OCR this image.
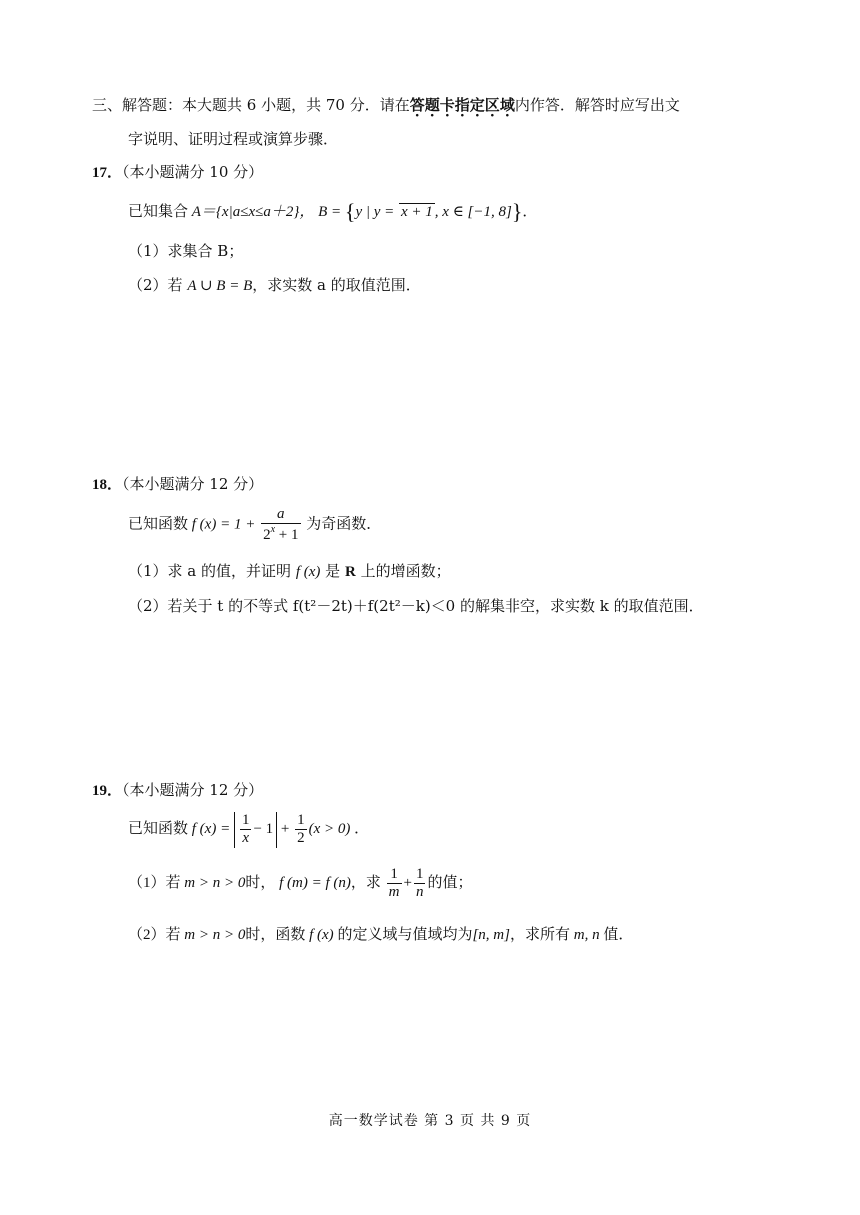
三、解答题：本大题共 6 小题，共 70 分．请在答题卡指定区域内作答．解答时应写出文
字说明、证明过程或演算步骤．
17．（本小题满分 10 分）
已知集合 A＝{x|a≤x≤a＋2}， B = {y | y = x + 1 , x ∈ [−1, 8]}．
（1）求集合 B；
（2）若 A ∪ B = B，求实数 a 的取值范围．
18．（本小题满分 12 分）
已知函数 f $(x) = 1 + \frac{a}{2^x + 1}$ 为奇函数．
（1）求 a 的值，并证明 f (x) 是 R 上的增函数；
（2）若关于 t 的不等式 f(t²－2t)＋f(2t²－k)＜0 的解集非空，求实数 k 的取值范围．
19．（本小题满分 12 分）
已知函数 f $(x) = \frac{1}{x} - 1 + \frac{1}{2} (x > 0)$ ．
（1）若 m > n > 0时， f (m) = f (n)，求 $\frac{1}{m} + \frac{1}{n}$ 的值；
（2）若 m > n > 0时，函数 f (x) 的定义域与值域均为[n, m]，求所有 m, n 值．
高一数学试卷 第 3 页 共 9 页
